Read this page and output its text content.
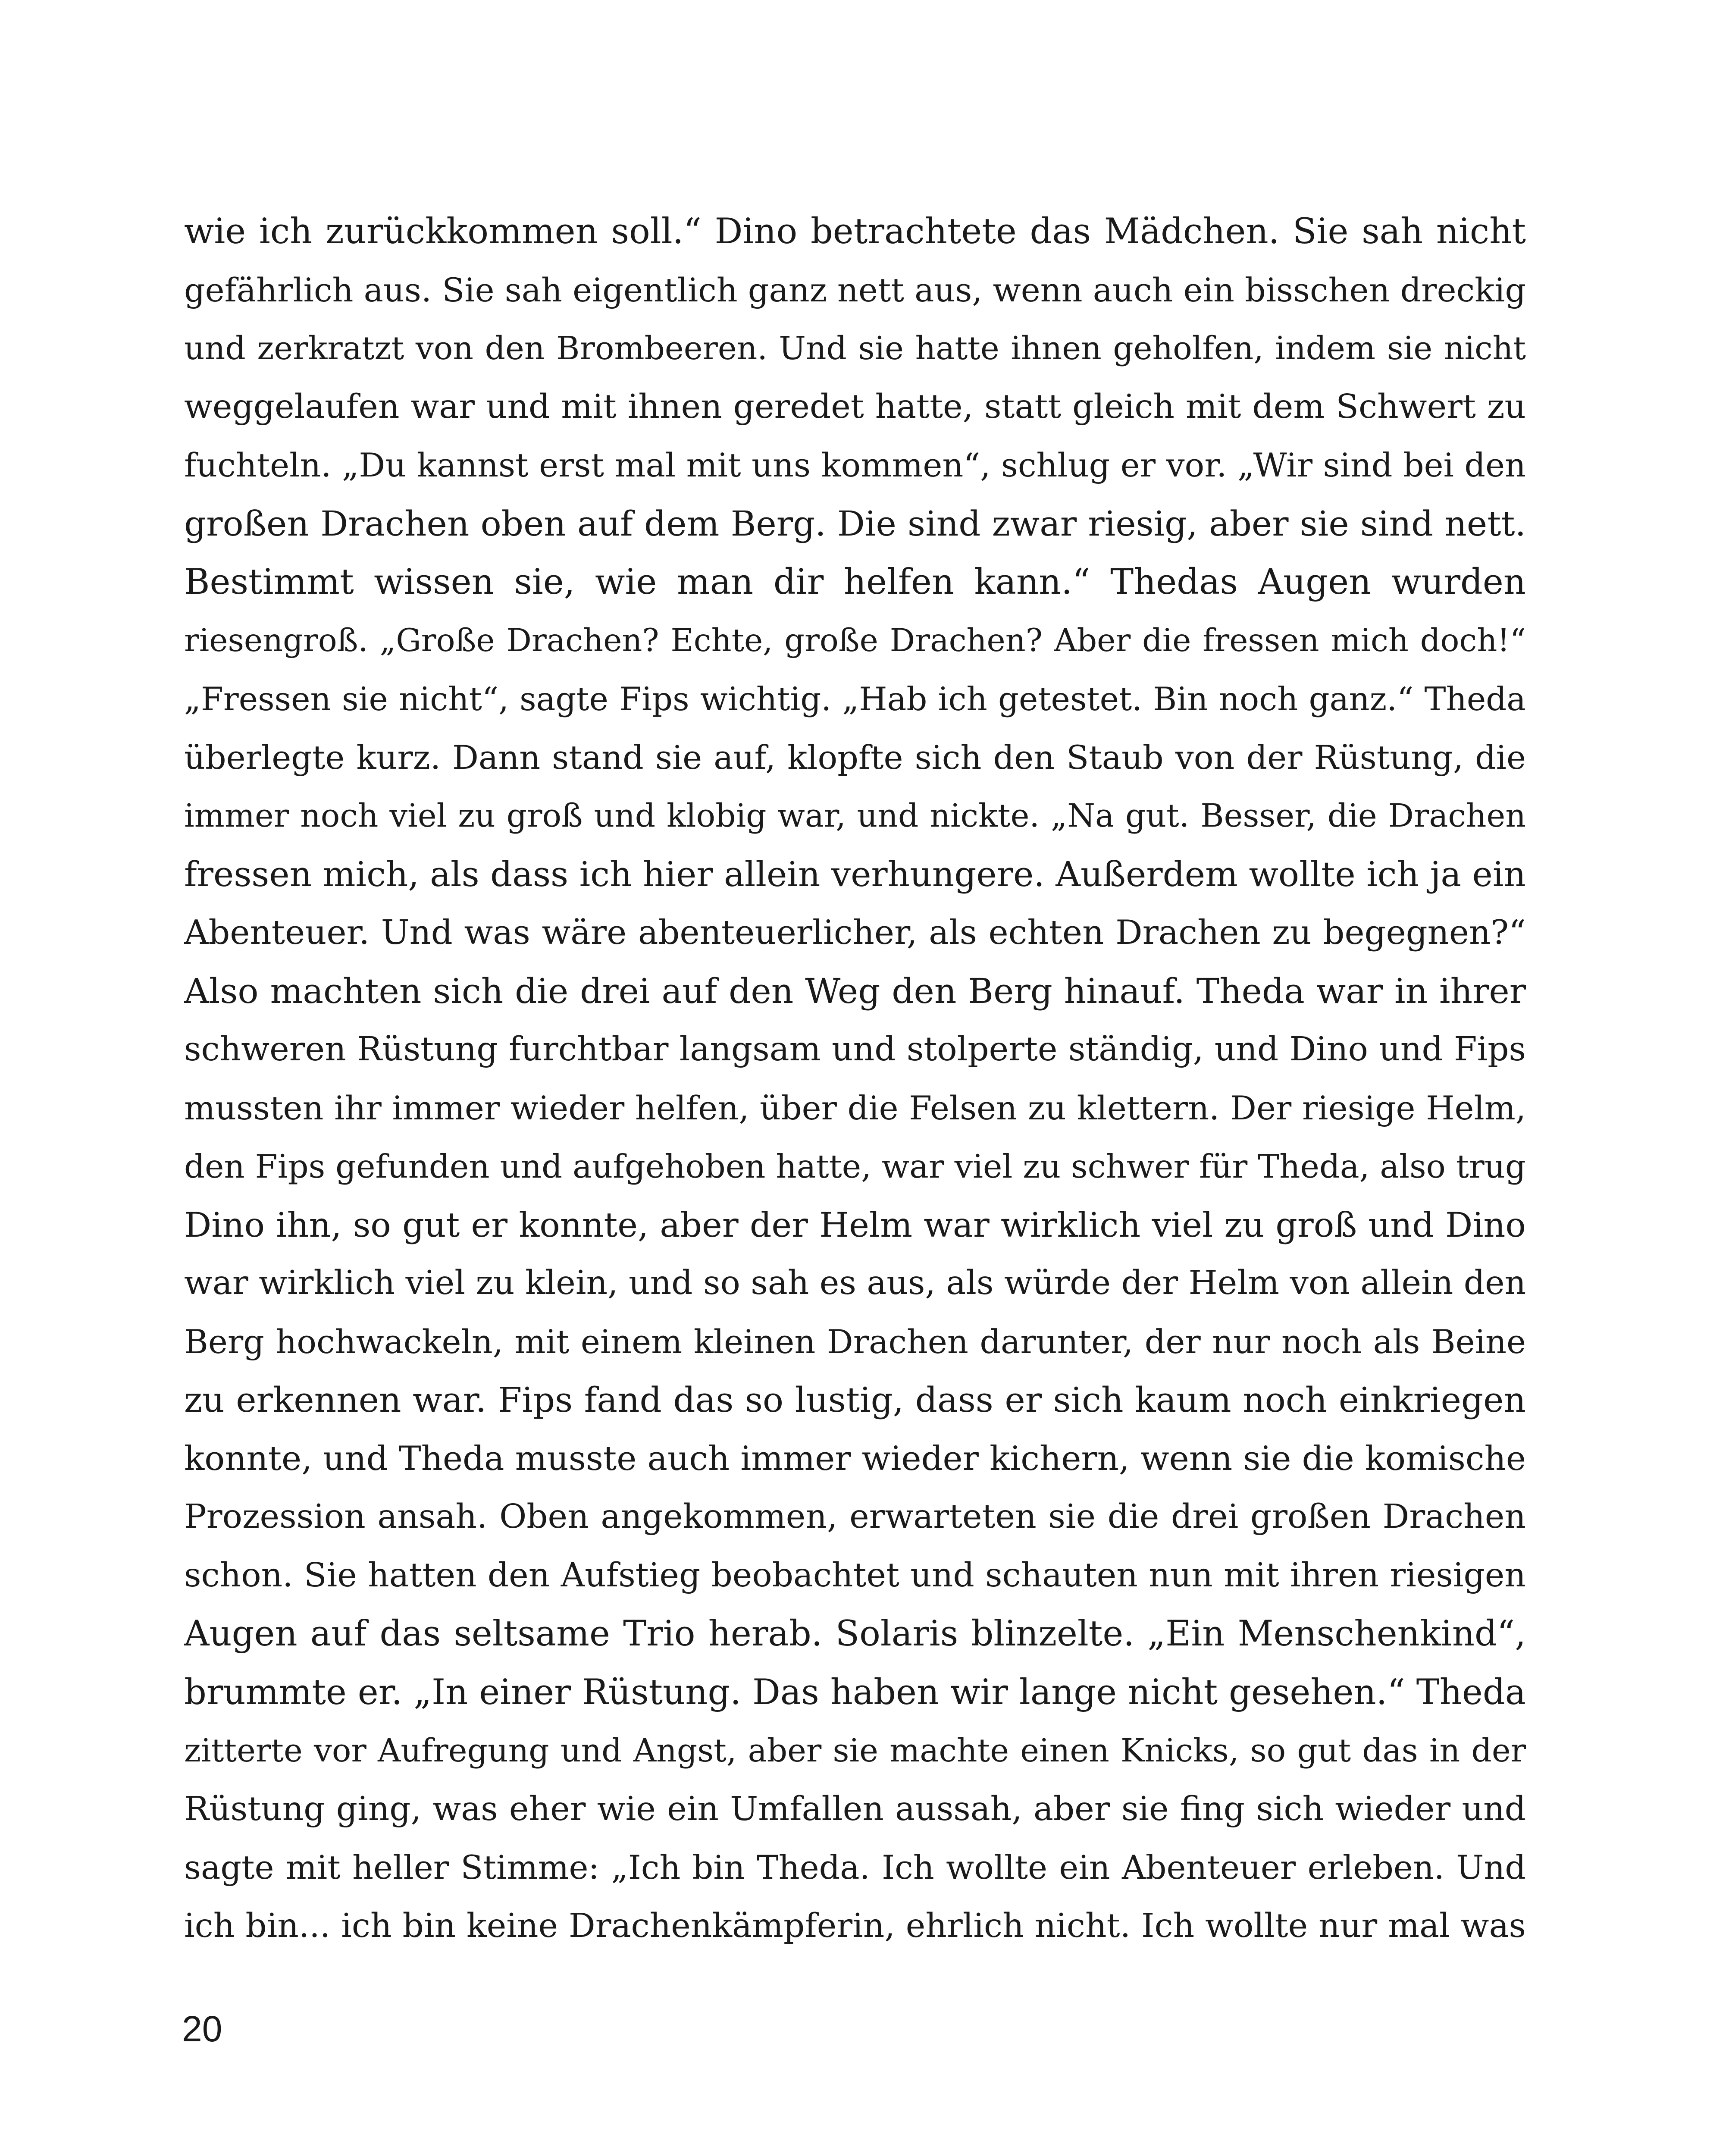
wie ich zurückkommen soll.“ Dino betrachtete das Mädchen. Sie sah nicht
gefährlich aus. Sie sah eigentlich ganz nett aus, wenn auch ein bisschen dreckig
und zerkratzt von den Brombeeren. Und sie hatte ihnen geholfen, indem sie nicht
weggelaufen war und mit ihnen geredet hatte, statt gleich mit dem Schwert zu
fuchteln. „Du kannst erst mal mit uns kommen“, schlug er vor. „Wir sind bei den
großen Drachen oben auf dem Berg. Die sind zwar riesig, aber sie sind nett.
Bestimmt wissen sie, wie man dir helfen kann.“ Thedas Augen wurden
riesengroß. „Große Drachen? Echte, große Drachen? Aber die fressen mich doch!“
„Fressen sie nicht“, sagte Fips wichtig. „Hab ich getestet. Bin noch ganz.“ Theda
überlegte kurz. Dann stand sie auf, klopfte sich den Staub von der Rüstung, die
immer noch viel zu groß und klobig war, und nickte. „Na gut. Besser, die Drachen
fressen mich, als dass ich hier allein verhungere. Außerdem wollte ich ja ein
Abenteuer. Und was wäre abenteuerlicher, als echten Drachen zu begegnen?“
Also machten sich die drei auf den Weg den Berg hinauf. Theda war in ihrer
schweren Rüstung furchtbar langsam und stolperte ständig, und Dino und Fips
mussten ihr immer wieder helfen, über die Felsen zu klettern. Der riesige Helm,
den Fips gefunden und aufgehoben hatte, war viel zu schwer für Theda, also trug
Dino ihn, so gut er konnte, aber der Helm war wirklich viel zu groß und Dino
war wirklich viel zu klein, und so sah es aus, als würde der Helm von allein den
Berg hochwackeln, mit einem kleinen Drachen darunter, der nur noch als Beine
zu erkennen war. Fips fand das so lustig, dass er sich kaum noch einkriegen
konnte, und Theda musste auch immer wieder kichern, wenn sie die komische
Prozession ansah. Oben angekommen, erwarteten sie die drei großen Drachen
schon. Sie hatten den Aufstieg beobachtet und schauten nun mit ihren riesigen
Augen auf das seltsame Trio herab. Solaris blinzelte. „Ein Menschenkind“,
brummte er. „In einer Rüstung. Das haben wir lange nicht gesehen.“ Theda
zitterte vor Aufregung und Angst, aber sie machte einen Knicks, so gut das in der
Rüstung ging, was eher wie ein Umfallen aussah, aber sie fing sich wieder und
sagte mit heller Stimme: „Ich bin Theda. Ich wollte ein Abenteuer erleben. Und
ich bin... ich bin keine Drachenkämpferin, ehrlich nicht. Ich wollte nur mal was
20
